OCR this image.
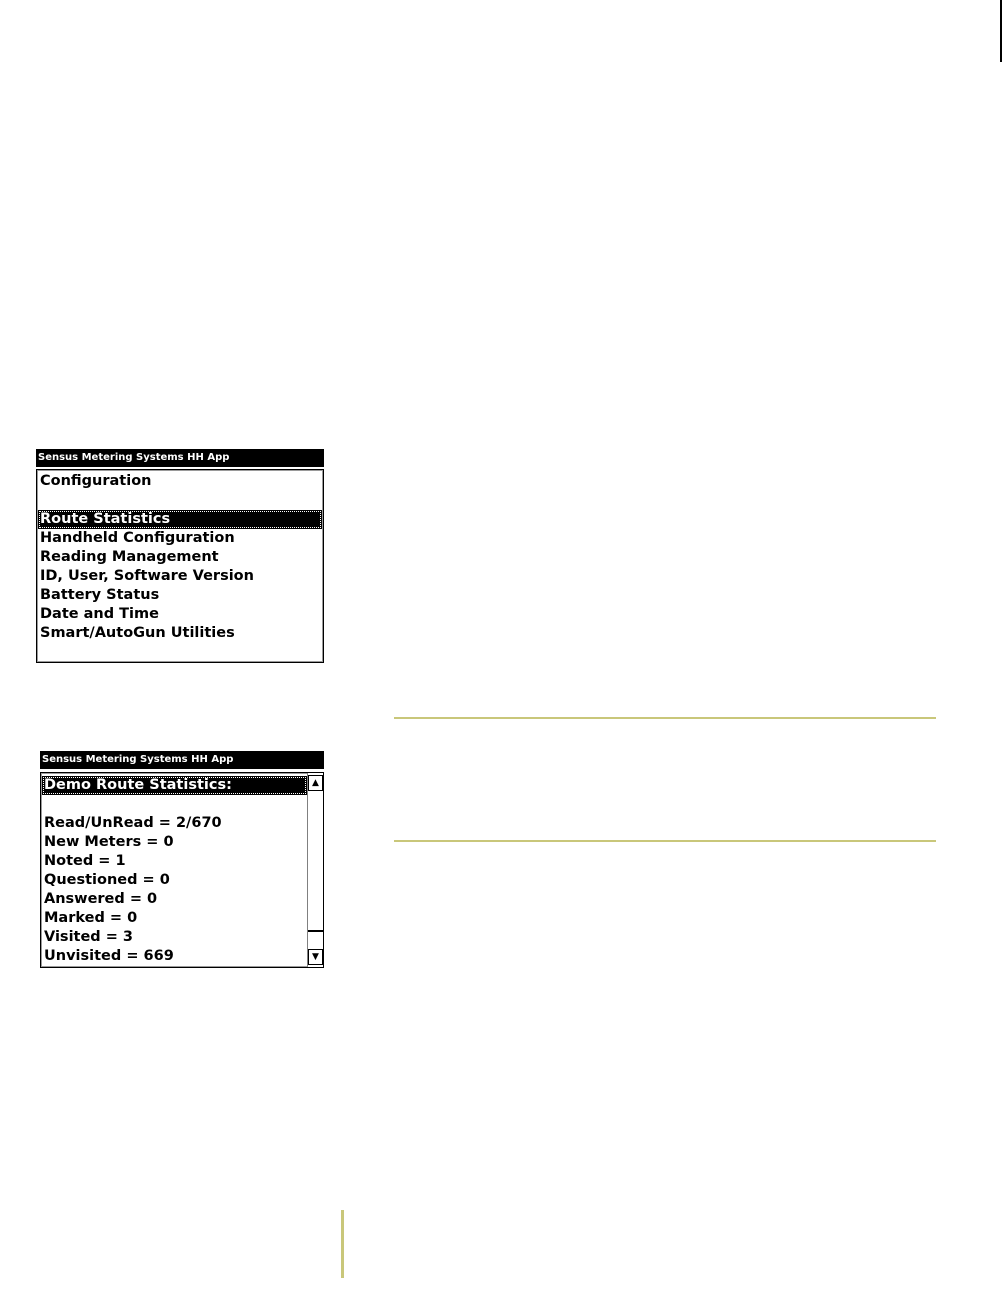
Sensus Metering Systems HH App
Configuration
Route Statistics
Handheld Configuration
Reading Management
ID, User, Software Version
Battery Status
Date and Time
Smart/AutoGun Utilities
Sensus Metering Systems HH App
Demo Route Statistics:
Read/UnRead = 2/670
New Meters = 0
Noted = 1
Questioned = 0
Answered = 0
Marked = 0
Visited = 3
Unvisited = 669
▲
▼
